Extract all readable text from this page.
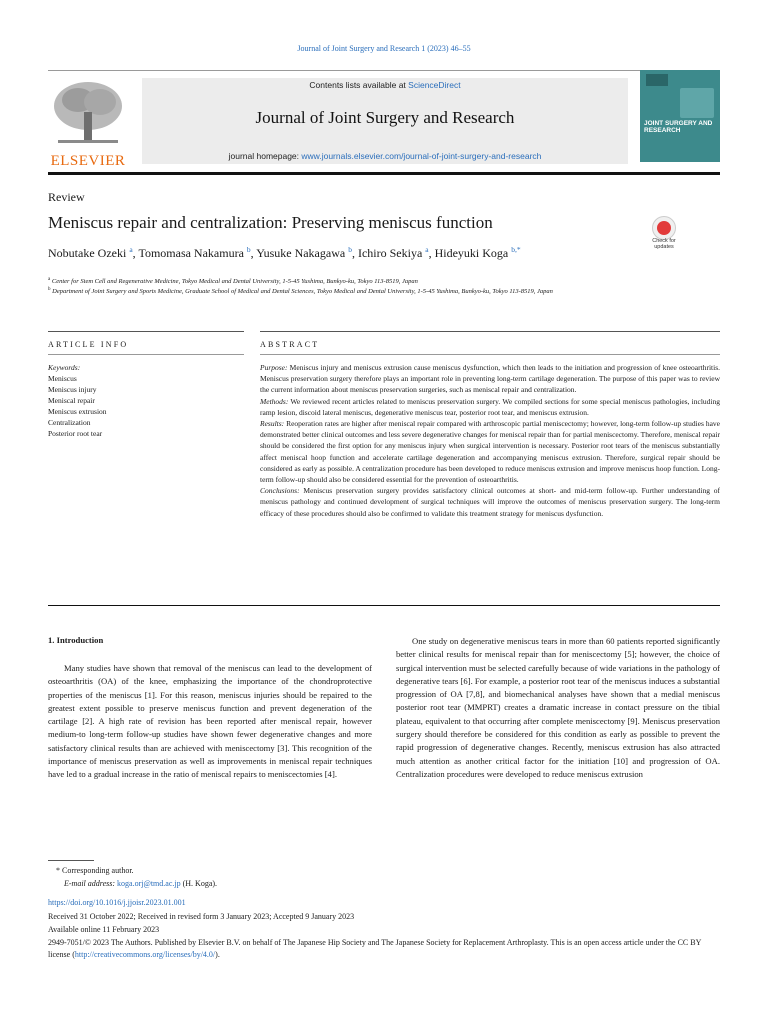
Journal of Joint Surgery and Research 1 (2023) 46–55
ELSEVIER
Contents lists available at ScienceDirect
Journal of Joint Surgery and Research
journal homepage: www.journals.elsevier.com/journal-of-joint-surgery-and-research
JOINT SURGERY AND RESEARCH
Review
Meniscus repair and centralization: Preserving meniscus function
Check for updates
Nobutake Ozeki $^a$, Tomomasa Nakamura $^b$, Yusuke Nakagawa $^b$, Ichiro Sekiya $^a$, Hideyuki Koga $^{b,*}$
$^a$ Center for Stem Cell and Regenerative Medicine, Tokyo Medical and Dental University, 1-5-45 Yushima, Bunkyo-ku, Tokyo 113-8519, Japan
$^b$ Department of Joint Surgery and Sports Medicine, Graduate School of Medical and Dental Sciences, Tokyo Medical and Dental University, 1-5-45 Yushima, Bunkyo-ku, Tokyo 113-8519, Japan
ARTICLE INFO	ABSTRACT
Keywords:
Meniscus
Meniscus injury
Meniscal repair
Meniscus extrusion
Centralization
Posterior root tear

Purpose: Meniscus injury and meniscus extrusion cause meniscus dysfunction, which then leads to the initiation and progression of knee osteoarthritis. Meniscus preservation surgery therefore plays an important role in preventing long-term cartilage degeneration. The purpose of this paper was to review the current information about meniscus preservation surgeries, such as meniscal repair and centralization.

Methods: We reviewed recent articles related to meniscus preservation surgery. We compiled sections for some special meniscus pathologies, including ramp lesion, discoid lateral meniscus, degenerative meniscus tear, posterior root tear, and meniscus extrusion.

Results: Reoperation rates are higher after meniscal repair compared with arthroscopic partial meniscectomy; however, long-term follow-up studies have demonstrated better clinical outcomes and less severe degenerative changes for meniscal repair than for partial meniscectomy. Therefore, meniscal repair should be considered the first option for any meniscus injury when surgical intervention is necessary. Posterior root tears of the meniscus substantially affect meniscal hoop function and accelerate cartilage degeneration and accompanying meniscus extrusion. Therefore, surgical repair should be considered as early as possible. A centralization procedure has been developed to reduce meniscus extrusion and improve meniscus hoop function. Long-term follow-up should also be considered essential for the prevention of osteoarthritis.

Conclusions: Meniscus preservation surgery provides satisfactory clinical outcomes at short- and mid-term follow-up. Further understanding of meniscus pathology and continued development of surgical techniques will improve the outcomes of meniscus preservation surgery. The long-term efficacy of these procedures should also be confirmed to validate this treatment strategy for meniscus dysfunction.

1. Introduction

Many studies have shown that removal of the meniscus can lead to the development of osteoarthritis (OA) of the knee, emphasizing the importance of the chondroprotective properties of the meniscus [1]. For this reason, meniscus injuries should be repaired to the greatest extent possible to preserve meniscus function and prevent degeneration of the cartilage [2]. A high rate of revision has been reported after meniscal repair, however medium-to long-term follow-up studies have shown fewer degenerative changes and more satisfactory clinical results than are achieved with meniscectomy [3]. This recognition of the importance of meniscus preservation as well as improvements in meniscal repair techniques have led to a gradual increase in the ratio of meniscal repairs to meniscectomies [4].

One study on degenerative meniscus tears in more than 60 patients reported significantly better clinical results for meniscal repair than for meniscectomy [5]; however, the choice of surgical intervention must be selected carefully because of wide variations in the pathology of degenerative tears [6]. For example, a posterior root tear of the meniscus induces a substantial progression of OA [7,8], and biomechanical analyses have shown that a medial meniscus posterior root tear (MMPRT) creates a dramatic increase in contact pressure on the tibial plateau, equivalent to that occurring after complete meniscectomy [9]. Meniscus preservation surgery should therefore be considered for this condition as early as possible to prevent the rapid progression of degenerative changes. Recently, meniscus extrusion has also attracted much attention as another critical factor for the initiation [10] and progression of OA. Centralization procedures were developed to reduce meniscus extrusion

* Corresponding author.
E-mail address: koga.orj@tmd.ac.jp (H. Koga).
https://doi.org/10.1016/j.jjoisr.2023.01.001
Received 31 October 2022; Received in revised form 3 January 2023; Accepted 9 January 2023
Available online 11 February 2023
2949-7051/© 2023 The Authors. Published by Elsevier B.V. on behalf of The Japanese Hip Society and The Japanese Society for Replacement Arthroplasty. This is an open access article under the CC BY license (http://creativecommons.org/licenses/by/4.0/).
